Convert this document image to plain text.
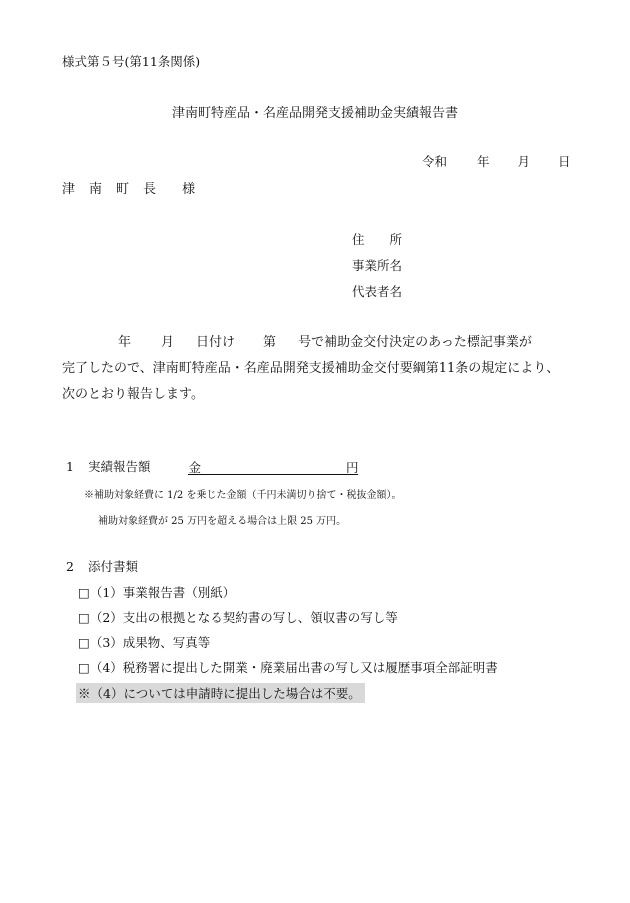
様式第５号(第11条関係)
津南町特産品・名産品開発支援補助金実績報告書
令和 年 月 日
津 南 町 長 様
住　　所
事業所名
代表者名
年 月 日付け 第 号で補助金交付決定のあった標記事業が
完了したので、津南町特産品・名産品開発支援補助金交付要綱第11条の規定により、
次のとおり報告します。
1 実績報告額	金	円
※補助対象経費に 1/2 を乗じた金額（千円未満切り捨て・税抜金額）。
補助対象経費が 25 万円を超える場合は上限 25 万円。
2 添付書類
□（1）事業報告書（別紙）
□（2）支出の根拠となる契約書の写し、領収書の写し等
□（3）成果物、写真等
□（4）税務署に提出した開業・廃業届出書の写し又は履歴事項全部証明書
※（4）については申請時に提出した場合は不要。
